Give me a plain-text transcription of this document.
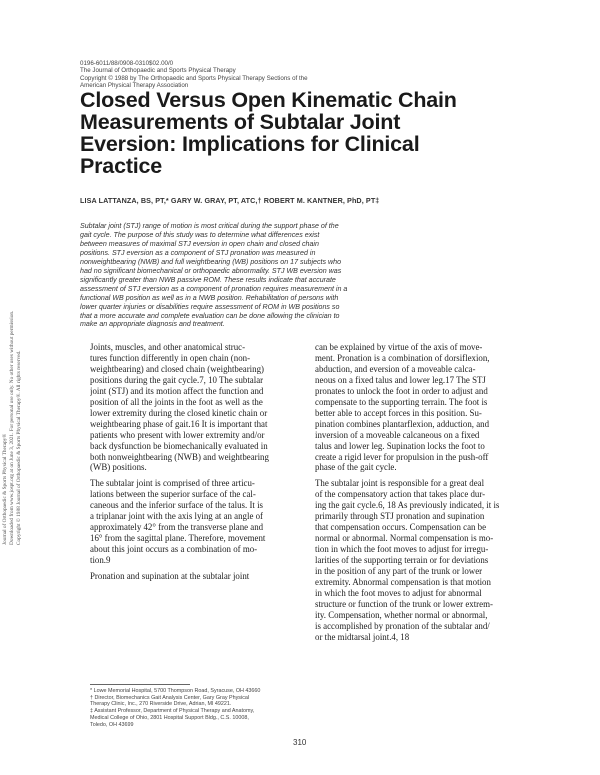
0196-6011/88/0908-0310$02.00/0
The Journal of Orthopaedic and Sports Physical Therapy
Copyright © 1988 by The Orthopaedic and Sports Physical Therapy Sections of the
American Physical Therapy Association
Closed Versus Open Kinematic Chain
Measurements of Subtalar Joint
Eversion: Implications for Clinical
Practice
LISA LATTANZA, BS, PT,* GARY W. GRAY, PT, ATC,† ROBERT M. KANTNER, PhD, PT‡
Subtalar joint (STJ) range of motion is most critical during the support phase of the
gait cycle. The purpose of this study was to determine what differences exist
between measures of maximal STJ eversion in open chain and closed chain
positions. STJ eversion as a component of STJ pronation was measured in
nonweightbearing (NWB) and full weightbearing (WB) positions on 17 subjects who
had no significant biomechanical or orthopaedic abnormality. STJ WB eversion was
significantly greater than NWB passive ROM. These results indicate that accurate
assessment of STJ eversion as a component of pronation requires measurement in a
functional WB position as well as in a NWB position. Rehabilitation of persons with
lower quarter injuries or disabilities require assessment of ROM in WB positions so
that a more accurate and complete evaluation can be done allowing the clinician to
make an appropriate diagnosis and treatment.
Joints, muscles, and other anatomical struc-
tures function differently in open chain (non-
weightbearing) and closed chain (weightbearing)
positions during the gait cycle.7, 10 The subtalar
joint (STJ) and its motion affect the function and
position of all the joints in the foot as well as the
lower extremity during the closed kinetic chain or
weightbearing phase of gait.16 It is important that
patients who present with lower extremity and/or
back dysfunction be biomechanically evaluated in
both nonweightbearing (NWB) and weightbearing
(WB) positions.
The subtalar joint is comprised of three articu-
lations between the superior surface of the cal-
caneous and the inferior surface of the talus. It is
a triplanar joint with the axis lying at an angle of
approximately 42° from the transverse plane and
16° from the sagittal plane. Therefore, movement
about this joint occurs as a combination of mo-
tion.9
Pronation and supination at the subtalar joint
can be explained by virtue of the axis of move-
ment. Pronation is a combination of dorsiflexion,
abduction, and eversion of a moveable calca-
neous on a fixed talus and lower leg.17 The STJ
pronates to unlock the foot in order to adjust and
compensate to the supporting terrain. The foot is
better able to accept forces in this position. Su-
pination combines plantarflexion, adduction, and
inversion of a moveable calcaneous on a fixed
talus and lower leg. Supination locks the foot to
create a rigid lever for propulsion in the push-off
phase of the gait cycle.
The subtalar joint is responsible for a great deal
of the compensatory action that takes place dur-
ing the gait cycle.6, 18 As previously indicated, it is
primarily through STJ pronation and supination
that compensation occurs. Compensation can be
normal or abnormal. Normal compensation is mo-
tion in which the foot moves to adjust for irregu-
larities of the supporting terrain or for deviations
in the position of any part of the trunk or lower
extremity. Abnormal compensation is that motion
in which the foot moves to adjust for abnormal
structure or function of the trunk or lower extrem-
ity. Compensation, whether normal or abnormal,
is accomplished by pronation of the subtalar and/
or the midtarsal joint.4, 18
* Lowe Memorial Hospital, 5700 Thompson Road, Syracuse, OH 43660
† Director, Biomechanics Gait Analysis Center, Gary Gray Physical
Therapy Clinic, Inc., 270 Riverside Drive, Adrian, MI 49221.
‡ Assistant Professor, Department of Physical Therapy and Anatomy,
Medical College of Ohio, 2801 Hospital Support Bldg., C.S. 10008,
Toledo, OH 43699
310
Journal of Orthopaedic & Sports Physical Therapy® Downloaded from www.jospt.org at on June 3, 2021. For personal use only. No other uses without permission. Copyright © 1988 Journal of Orthopaedic & Sports Physical Therapy®. All rights reserved.
